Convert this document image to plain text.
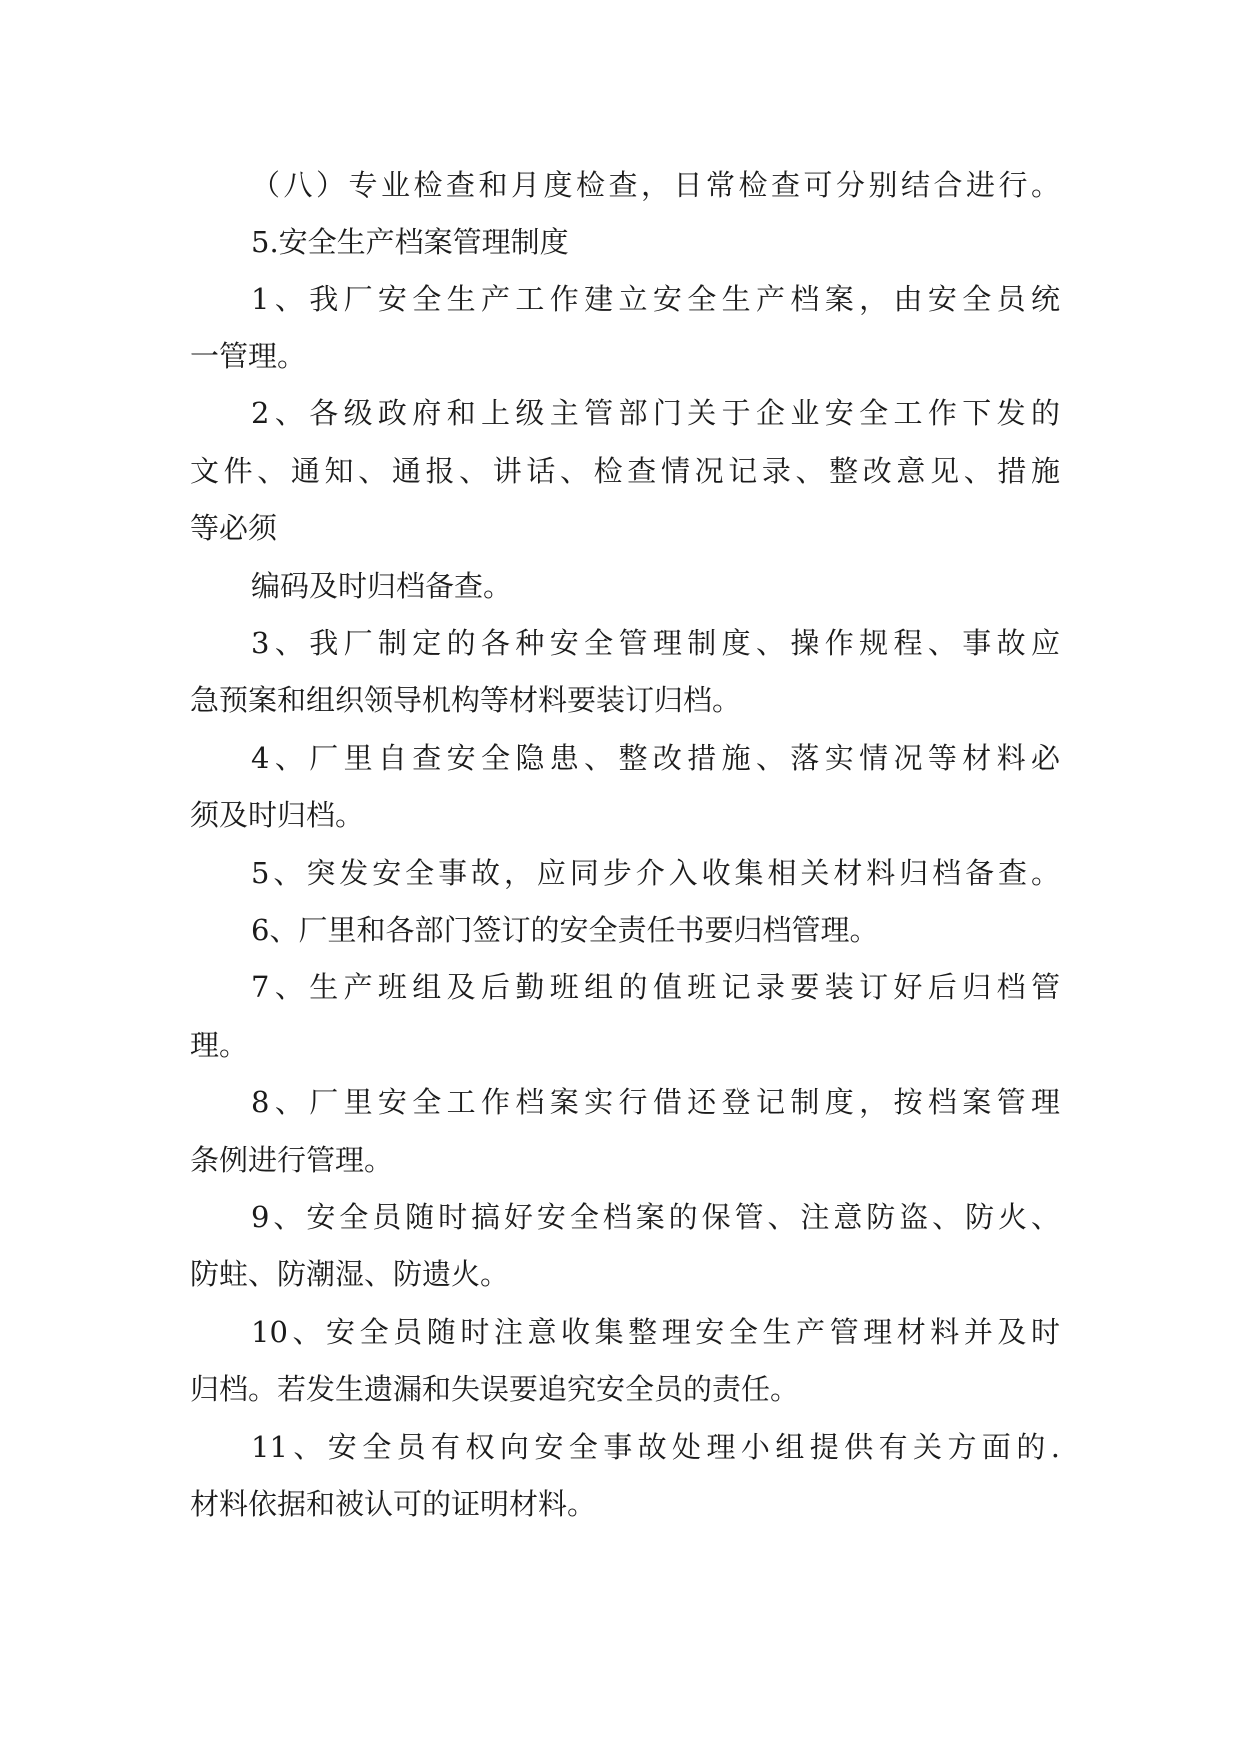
（八）专业检查和月度检查，日常检查可分别结合进行。
5.安全生产档案管理制度
1、我厂安全生产工作建立安全生产档案，由安全员统
一管理。
2、各级政府和上级主管部门关于企业安全工作下发的
文件、通知、通报、讲话、检查情况记录、整改意见、措施
等必须
编码及时归档备查。
3、我厂制定的各种安全管理制度、操作规程、事故应
急预案和组织领导机构等材料要装订归档。
4、厂里自查安全隐患、整改措施、落实情况等材料必
须及时归档。
5、突发安全事故，应同步介入收集相关材料归档备查。
6、厂里和各部门签订的安全责任书要归档管理。
7、生产班组及后勤班组的值班记录要装订好后归档管
理。
8、厂里安全工作档案实行借还登记制度，按档案管理
条例进行管理。
9、安全员随时搞好安全档案的保管、注意防盗、防火、
防蛀、防潮湿、防遗火。
10、安全员随时注意收集整理安全生产管理材料并及时
归档。若发生遗漏和失误要追究安全员的责任。
11、安全员有权向安全事故处理小组提供有关方面的.
材料依据和被认可的证明材料。
